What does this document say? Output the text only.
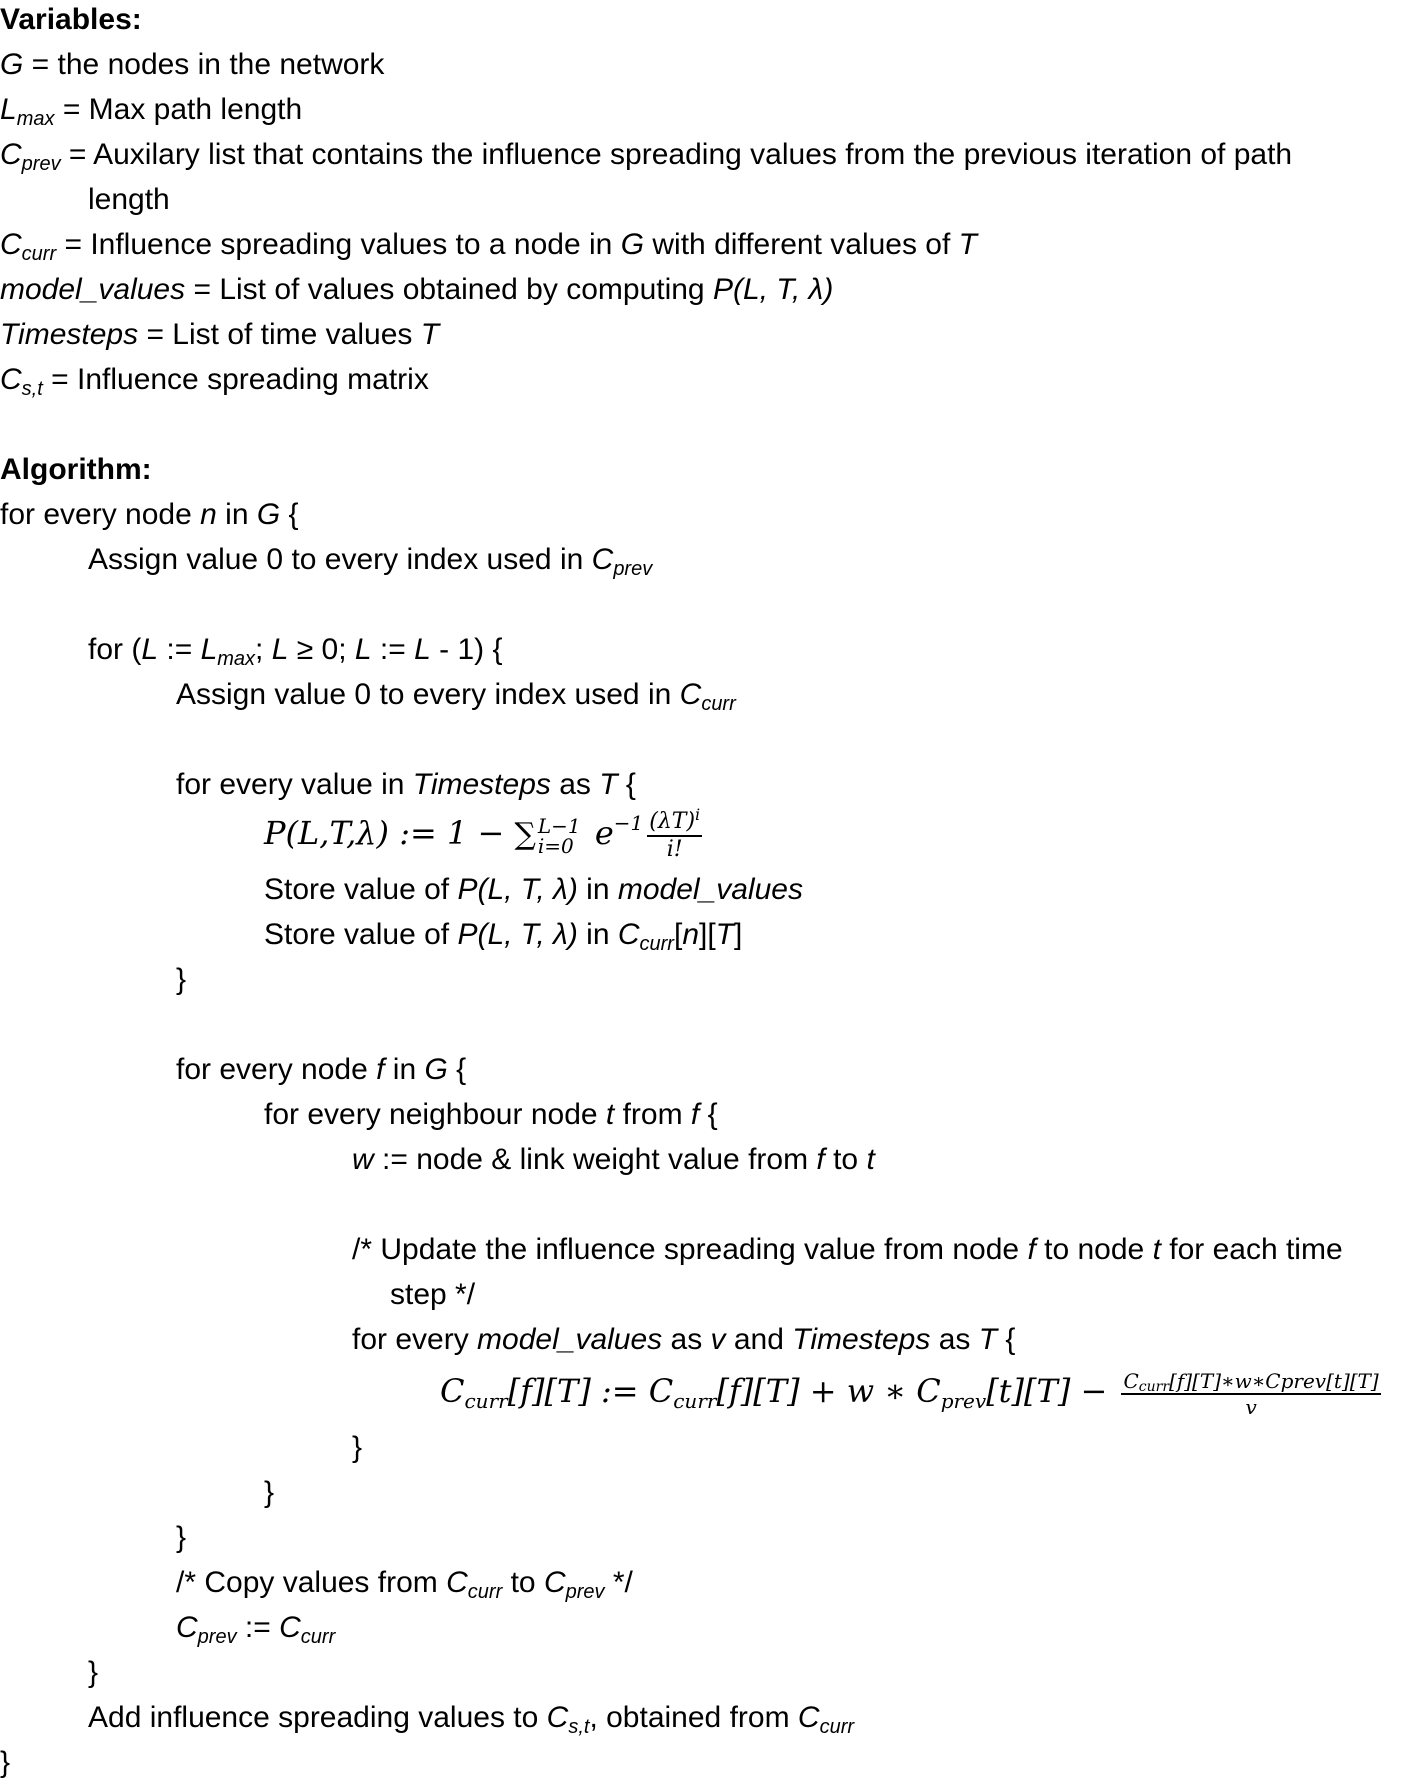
Variables:
G = the nodes in the network
$L_{max}$ = Max path length
$C_{prev}$ = Auxilary list that contains the influence spreading values from the previous iteration of path
length
$C_{curr}$ = Influence spreading values to a node in G with different values of T
model_values = List of values obtained by computing P(L, T, λ)
Timesteps = List of time values T
$C_{s,t}$ = Influence spreading matrix
Algorithm:
for every node n in G {
Assign value 0 to every index used in $C_{prev}$
for (L := $L_{max}$; L ≥ 0; L := L - 1) {
Assign value 0 to every index used in $C_{curr}$
for every value in Timesteps as T {
P(L,T,λ) := 1 − ∑ L−1
i=0 $e^{-1} \frac{(\lambda T)^i}{i!}$
Store value of P(L, T, λ) in model_values
Store value of P(L, T, λ) in $C_{curr}[n][T]$
}
for every node f in G {
for every neighbour node t from f {
w := node & link weight value from f to t
/* Update the influence spreading value from node f to node t for each time
step */
for every model_values as v and Timesteps as T {
$C_{curr}[f][T]$ := $C_{curr}[f][T] + w$ ∗ $C_{prev}[t][T] - \frac{C_{curr}[f][T]∗w∗Cprev[t][T]}{v}$
}
}
}
/* Copy values from $C_{curr}$ to $C_{prev}$ */
$C_{prev}$ := $C_{curr}$
}
Add influence spreading values to $C_{s,t}$, obtained from $C_{curr}$
}
